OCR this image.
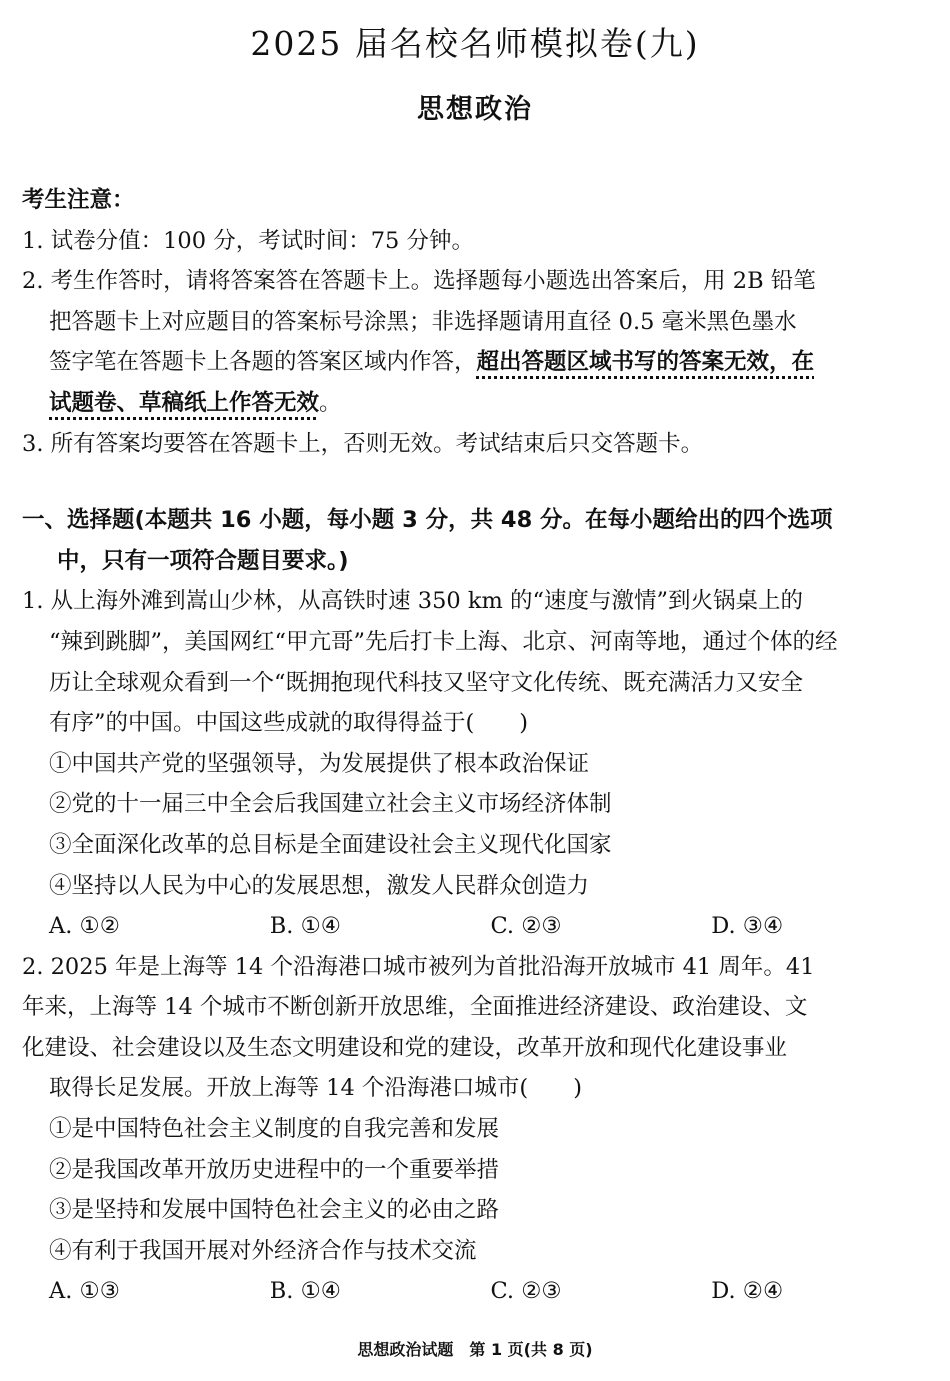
2025 届名校名师模拟卷(九)
思想政治
考生注意：
1. 试卷分值：100 分，考试时间：75 分钟。
2. 考生作答时，请将答案答在答题卡上。选择题每小题选出答案后，用 2B 铅笔
把答题卡上对应题目的答案标号涂黑；非选择题请用直径 0.5 毫米黑色墨水
签字笔在答题卡上各题的答案区域内作答，超出答题区域书写的答案无效，在
试题卷、草稿纸上作答无效。
3. 所有答案均要答在答题卡上，否则无效。考试结束后只交答题卡。
一、选择题(本题共 16 小题，每小题 3 分，共 48 分。在每小题给出的四个选项
中，只有一项符合题目要求。)
1. 从上海外滩到嵩山少林，从高铁时速 350 km 的“速度与激情”到火锅桌上的
“辣到跳脚”，美国网红“甲亢哥”先后打卡上海、北京、河南等地，通过个体的经
历让全球观众看到一个“既拥抱现代科技又坚守文化传统、既充满活力又安全
有序”的中国。中国这些成就的取得得益于(　　)
①中国共产党的坚强领导，为发展提供了根本政治保证
②党的十一届三中全会后我国建立社会主义市场经济体制
③全面深化改革的总目标是全面建设社会主义现代化国家
④坚持以人民为中心的发展思想，激发人民群众创造力
A. ①②	B. ①④	C. ②③	D. ③④
2. 2025 年是上海等 14 个沿海港口城市被列为首批沿海开放城市 41 周年。41
年来，上海等 14 个城市不断创新开放思维，全面推进经济建设、政治建设、文
化建设、社会建设以及生态文明建设和党的建设，改革开放和现代化建设事业
取得长足发展。开放上海等 14 个沿海港口城市(　　)
①是中国特色社会主义制度的自我完善和发展
②是我国改革开放历史进程中的一个重要举措
③是坚持和发展中国特色社会主义的必由之路
④有利于我国开展对外经济合作与技术交流
A. ①③	B. ①④	C. ②③	D. ②④
思想政治试题　第 1 页(共 8 页)
